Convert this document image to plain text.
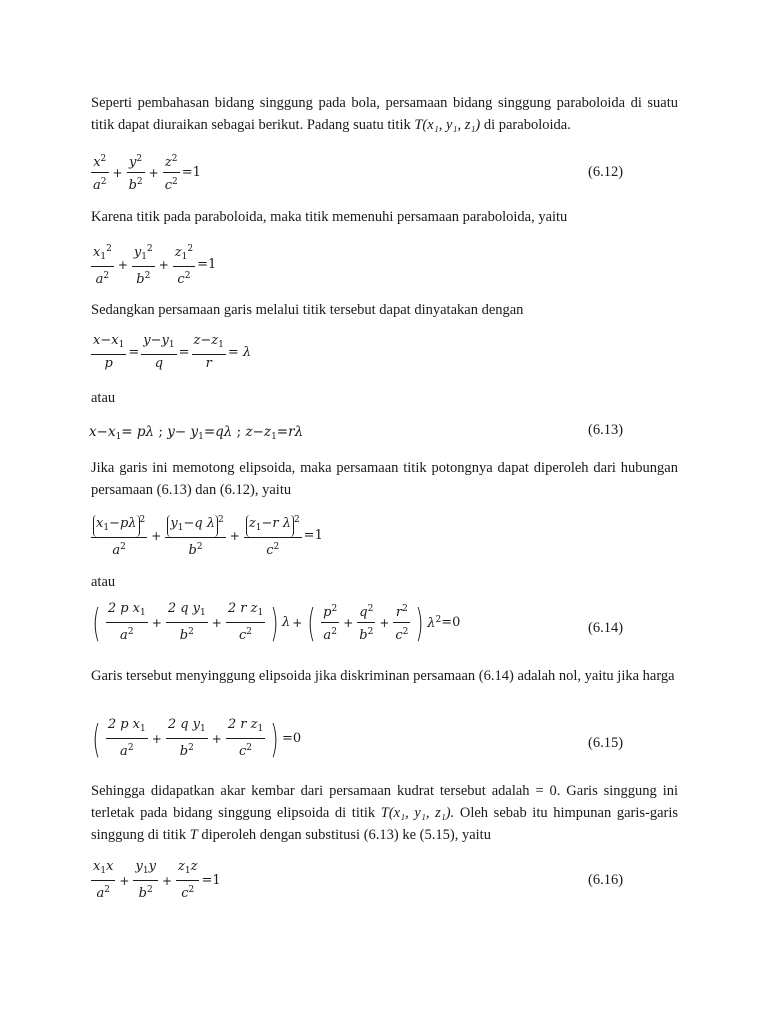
Seperti pembahasan bidang singgung pada bola, persamaan bidang singgung paraboloida di suatu titik dapat diuraikan sebagai berikut. Padang suatu titik T(x₁, y₁, z₁) di paraboloida.

$\frac{x^2}{a^2} + \frac{y^2}{b^2} + \frac{z^2}{c^2} =1$	(6.12)

Karena titik pada paraboloida, maka titik memenuhi persamaan paraboloida, yaitu

$\frac{x_1^2}{a^2} + \frac{y_1^2}{b^2} + \frac{z_1^2}{c^2} =1$

Sedangkan persamaan garis melalui titik tersebut dapat dinyatakan dengan

$\frac{x-x_1}{p} = \frac{y-y_1}{q} = \frac{z-z_1}{r} = \lambda$

atau

$x-x_1= p\lambda$ ; $y- y_1=q\lambda$ ; $z-z_1=r\lambda$	(6.13)

Jika garis ini memotong elipsoida, maka persamaan titik potongnya dapat diperoleh dari hubungan persamaan (6.13) dan (6.12), yaitu

$\frac{x_1-p\lambda ^2}{a^2} + \frac{y_1-q \lambda ^2}{b^2} + \frac{z_1-r \lambda ^2}{c^2} =1$

atau

( $\frac{2 p x_1}{a^2} + \frac{2 q y_1}{b^2} + \frac{2 r z_1}{c^2}$ ) λ + ( $\frac{p^2}{a^2} + \frac{q^2}{b^2} + \frac{r^2}{c^2}$ ) $\lambda^2=0$	(6.14)

Garis tersebut menyinggung elipsoida jika diskriminan persamaan (6.14) adalah nol, yaitu jika harga

( $\frac{2 p x_1}{a^2} + \frac{2 q y_1}{b^2} + \frac{2 r z_1}{c^2}$ ) =0	(6.15)

Sehingga didapatkan akar kembar dari persamaan kudrat tersebut adalah = 0. Garis singgung ini terletak pada bidang singgung elipsoida di titik T(x₁, y₁, z₁). Oleh sebab itu himpunan garis-garis singgung di titik T diperoleh dengan substitusi (6.13) ke (5.15), yaitu

$\frac{x_1x}{a^2} + \frac{y_1y}{b^2} + \frac{z_1z}{c^2} =1$	(6.16)
